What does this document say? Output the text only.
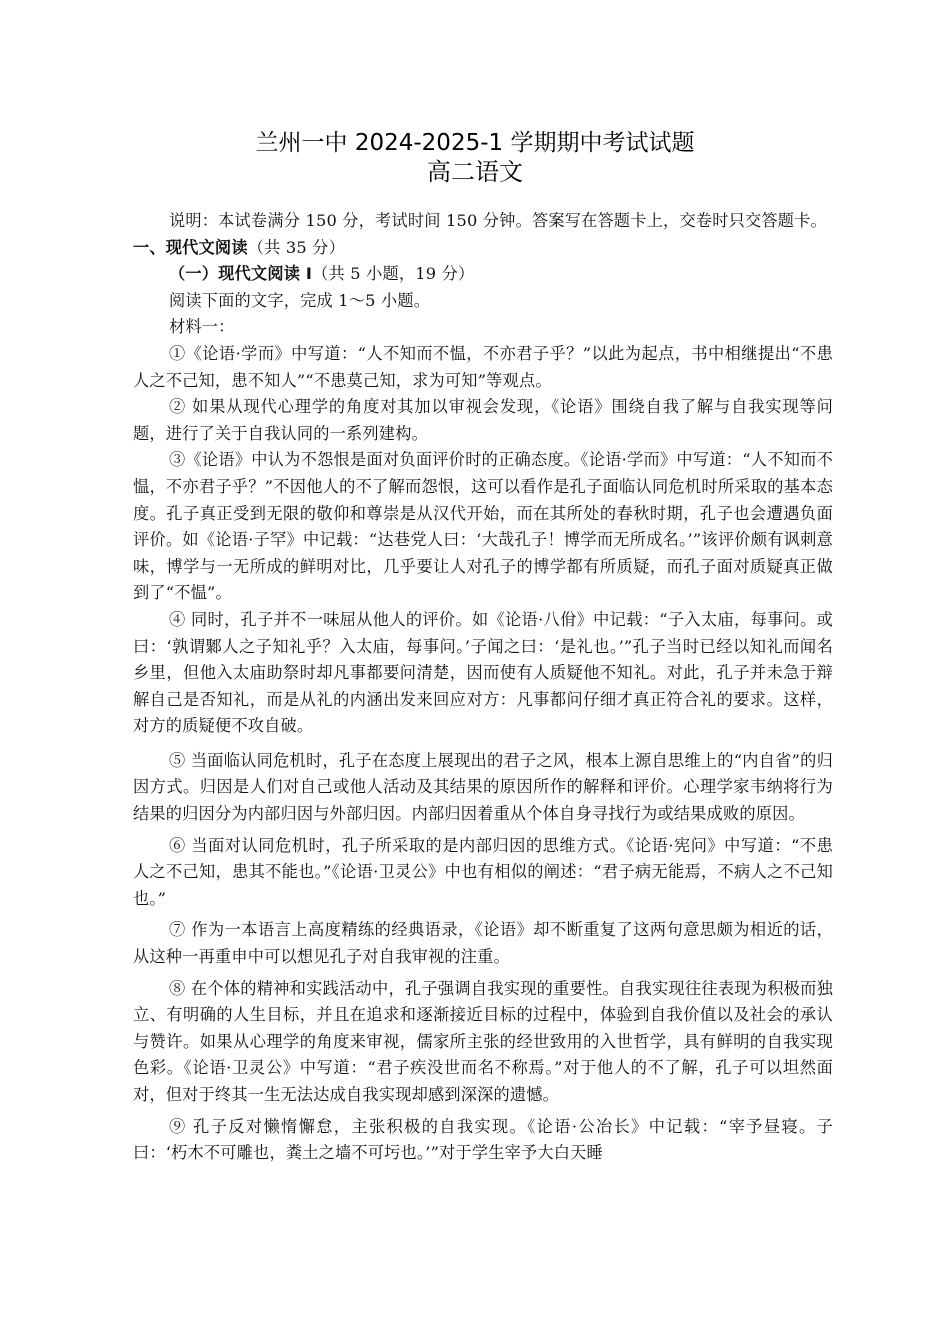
兰州一中 2024-2025-1 学期期中考试试题
高二语文

说明：本试卷满分 150 分，考试时间 150 分钟。答案写在答题卡上，交卷时只交答题卡。

一、现代文阅读（共 35 分）

（一）现代文阅读 I（共 5 小题，19 分）

阅读下面的文字，完成 1～5 小题。

材料一：

①《论语·学而》中写道：“人不知而不愠，不亦君子乎？”以此为起点，书中相继提出“不患人之不己知，患不知人”“不患莫己知，求为可知”等观点。

② 如果从现代心理学的角度对其加以审视会发现，《论语》围绕自我了解与自我实现等问题，进行了关于自我认同的一系列建构。

③《论语》中认为不怨恨是面对负面评价时的正确态度。《论语·学而》中写道：“人不知而不愠，不亦君子乎？”不因他人的不了解而怨恨，这可以看作是孔子面临认同危机时所采取的基本态度。孔子真正受到无限的敬仰和尊崇是从汉代开始，而在其所处的春秋时期，孔子也会遭遇负面评价。如《论语·子罕》中记载：“达巷党人曰：‘大哉孔子！博学而无所成名。’”该评价颇有讽刺意味，博学与一无所成的鲜明对比，几乎要让人对孔子的博学都有所质疑，而孔子面对质疑真正做到了“不愠”。

④ 同时，孔子并不一味屈从他人的评价。如《论语·八佾》中记载：“子入太庙，每事问。或曰：‘孰谓鄹人之子知礼乎？入太庙，每事问。’子闻之曰：‘是礼也。’”孔子当时已经以知礼而闻名乡里，但他入太庙助祭时却凡事都要问清楚，因而使有人质疑他不知礼。对此，孔子并未急于辩解自己是否知礼，而是从礼的内涵出发来回应对方：凡事都问仔细才真正符合礼的要求。这样，对方的质疑便不攻自破。

⑤ 当面临认同危机时，孔子在态度上展现出的君子之风，根本上源自思维上的“内自省”的归因方式。归因是人们对自己或他人活动及其结果的原因所作的解释和评价。心理学家韦纳将行为结果的归因分为内部归因与外部归因。内部归因着重从个体自身寻找行为或结果成败的原因。

⑥ 当面对认同危机时，孔子所采取的是内部归因的思维方式。《论语·宪问》中写道：“不患人之不己知，患其不能也。”《论语·卫灵公》中也有相似的阐述：“君子病无能焉，不病人之不己知也。”

⑦ 作为一本语言上高度精练的经典语录，《论语》却不断重复了这两句意思颇为相近的话，从这种一再重申中可以想见孔子对自我审视的注重。

⑧ 在个体的精神和实践活动中，孔子强调自我实现的重要性。自我实现往往表现为积极而独立、有明确的人生目标，并且在追求和逐渐接近目标的过程中，体验到自我价值以及社会的承认与赞许。如果从心理学的角度来审视，儒家所主张的经世致用的入世哲学，具有鲜明的自我实现色彩。《论语·卫灵公》中写道：“君子疾没世而名不称焉。”对于他人的不了解，孔子可以坦然面对，但对于终其一生无法达成自我实现却感到深深的遗憾。

⑨ 孔子反对懒惰懈怠，主张积极的自我实现。《论语·公冶长》中记载：“宰予昼寝。子曰：‘朽木不可雕也，粪土之墙不可圬也。’”对于学生宰予大白天睡
